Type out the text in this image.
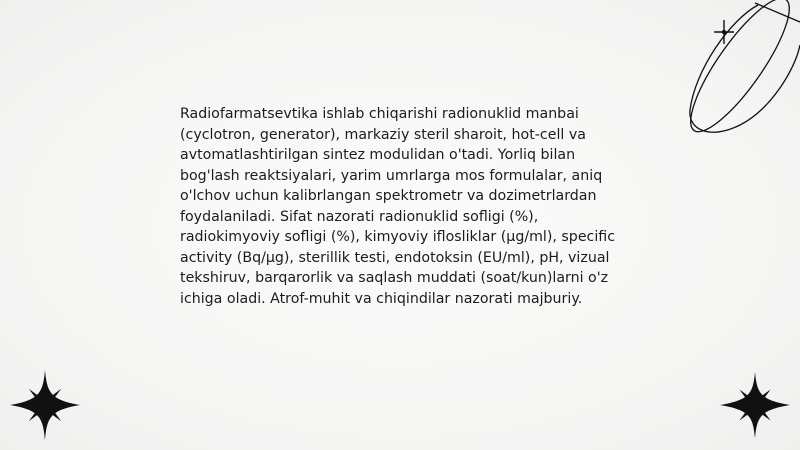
Radiofarmatsevtika ishlab chiqarishi radionuklid manbai (cyclotron, generator), markaziy steril sharoit, hot-cell va avtomatlashtirilgan sintez modulidan o'tadi. Yorliq bilan bog'lash reaktsiyalari, yarim umrlarga mos formulalar, aniq o'lchov uchun kalibrlangan spektrometr va dozimetrlardan foydalaniladi. Sifat nazorati radionuklid sofligi (%), radiokimyoviy sofligi (%), kimyoviy iflosliklar (µg/ml), specific activity (Bq/µg), sterillik testi, endotoksin (EU/ml), pH, vizual tekshiruv, barqarorlik va saqlash muddati (soat/kun)larni o'z ichiga oladi. Atrof-muhit va chiqindilar nazorati majburiy.
